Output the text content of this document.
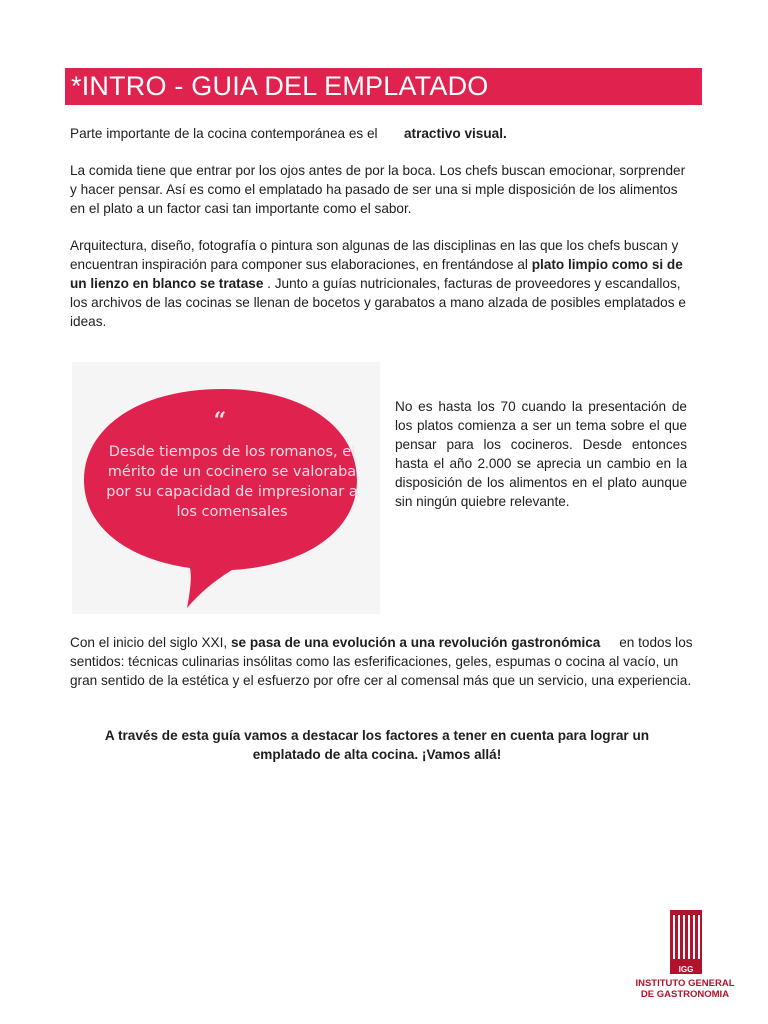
*INTRO - GUIA DEL EMPLATADO
Parte importante de la cocina contemporánea es el atractivo visual.
La comida tiene que entrar por los ojos antes de por la boca. Los chefs buscan emocionar, sorprender y hacer pensar. Así es como el emplatado ha pasado de ser una si mple disposición de los alimentos en el plato a un factor casi tan importante como el sabor.
Arquitectura, diseño, fotografía o pintura son algunas de las disciplinas en las que los chefs buscan y encuentran inspiración para componer sus elaboraciones, en frentándose al plato limpio como si de un lienzo en blanco se tratase . Junto a guías nutricionales, facturas de proveedores y escandallos, los archivos de las cocinas se llenan de bocetos y garabatos a mano alzada de posibles emplatados e ideas.
“
Desde tiempos de los romanos, el mérito de un cocinero se valoraba por su capacidad de impresionar a los comensales
No es hasta los 70 cuando la presentación de los platos comienza a ser un tema sobre el que pensar para los cocineros. Desde entonces hasta el año 2.000 se aprecia un cambio en la disposición de los alimentos en el plato aunque sin ningún quiebre relevante.
Con el inicio del siglo XXI, se pasa de una evolución a una revolución gastronómica en todos los sentidos: técnicas culinarias insólitas como las esferificaciones, geles, espumas o cocina al vacío, un gran sentido de la estética y el esfuerzo por ofre cer al comensal más que un servicio, una experiencia.
A través de esta guía vamos a destacar los factores a tener en cuenta para lograr un emplatado de alta cocina. ¡Vamos allá!
IGG
INSTITUTO GENERAL
DE GASTRONOMIA
